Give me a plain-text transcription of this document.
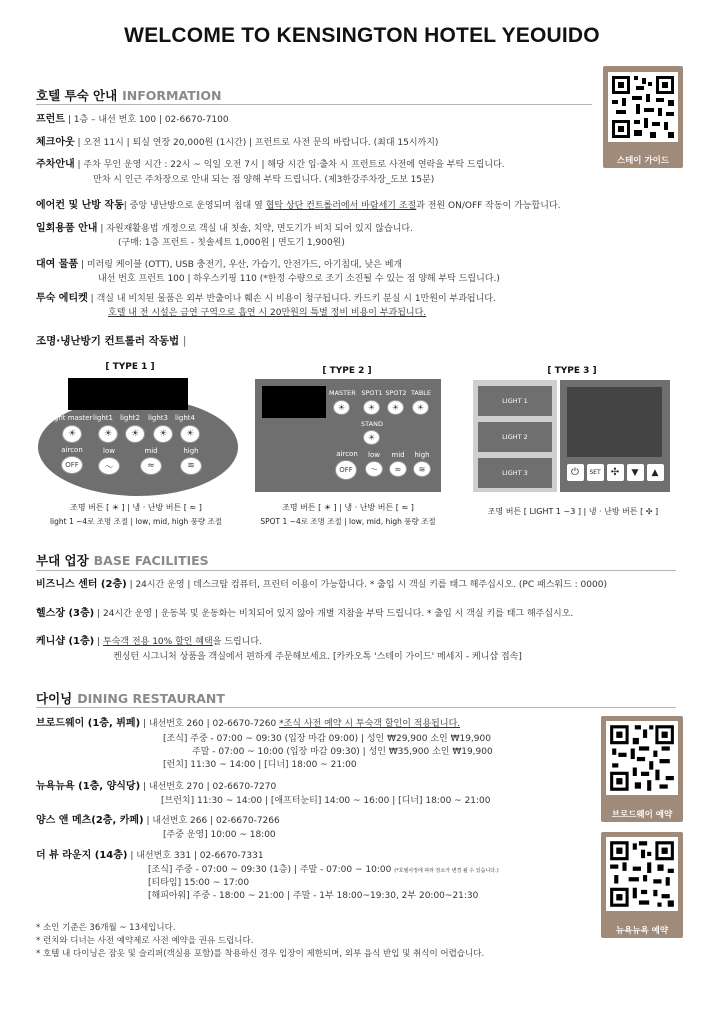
WELCOME TO KENSINGTON HOTEL YEOUIDO
호텔 투숙 안내 INFORMATION
프런트 | 1층 – 내선 번호 100 | 02-6670-7100
체크아웃 | 오전 11시 | 퇴실 연장 20,000원 (1시간) | 프런트로 사전 문의 바랍니다. (최대 15시까지)
주차안내 | 주차 무인 운영 시간 : 22시 ~ 익일 오전 7시 | 해당 시간 입·출차 시 프런트로 사전에 연락을 부탁 드립니다.
만차 시 인근 주차장으로 안내 되는 점 양해 부탁 드립니다. (제3한강주차장_도보 15분)
에어컨 및 난방 작동| 중앙 냉난방으로 운영되며 침대 옆 협탁 상단 컨트롤러에서 바람세기 조절과 전원 ON/OFF 작동이 가능합니다.
일회용품 안내 | 자원재활용법 개정으로 객실 내 칫솔, 치약, 면도기가 비치 되어 있지 않습니다.
(구매: 1층 프런트 - 칫솔세트 1,000원 | 면도기 1,900원)
대여 물품 | 미러링 케이블 (OTT), USB 충전기, 우산, 가습기, 안전가드, 아기침대, 낮은 베개
내선 번호 프런트 100 | 하우스키핑 110 (*한정 수량으로 조기 소진될 수 있는 점 양해 부탁 드립니다.)
투숙 에티켓 | 객실 내 비치된 물품은 외부 반출이나 훼손 시 비용이 청구됩니다. 카드키 분실 시 1만원이 부과됩니다.
호텔 내 전 시설은 금연 구역으로 흡연 시 20만원의 특별 정비 비용이 부과됩니다.
스테이 가이드
조명·냉난방기 컨트롤러 작동법 |
[ TYPE 1 ]
light master
☀
light1
☀
light2
☀
light3
☀
light4
☀
aircon
OFF
low
～
mid
≈
high
≋
조명 버튼 [ ☀ ] | 냉 · 난방 버튼 [ ≈ ]
light 1 ~4로 조명 조절 | low, mid, high 풍량 조절
[ TYPE 2 ]
MASTER
☀
SPOT1
☀
SPOT2
☀
TABLE
☀
STAND
☀
aircon
OFF
low
～
mid
≈
high
≋
조명 버튼 [ ☀ ] | 냉 · 난방 버튼 [ ≈ ]
SPOT 1 ~4로 조명 조절 | low, mid, high 풍량 조절
[ TYPE 3 ]
LIGHT 1
LIGHT 2
LIGHT 3	⏻	SET	✣	▼	▲
조명 버튼 [ LIGHT 1 ~3 ] | 냉 · 난방 버튼 [ ✣ ]
부대 업장 BASE FACILITIES
비즈니스 센터 (2층) | 24시간 운영 | 데스크탑 컴퓨터, 프린터 이용이 가능합니다. * 출입 시 객실 키를 태그 해주십시오. (PC 패스워드 : 0000)
헬스장 (3층) | 24시간 운영 | 운동복 및 운동화는 비치되어 있지 않아 개별 지참을 부탁 드립니다. * 출입 시 객실 키를 태그 해주십시오.
케니샵 (1층) | 투숙객 전용 10% 할인 혜택을 드립니다.
켄싱턴 시그니처 상품을 객실에서 편하게 주문해보세요. [카카오톡 '스테이 가이드' 메세지 - 케니샵 접속]
다이닝 DINING RESTAURANT
브로드웨이 (1층, 뷔페) | 내선번호 260 | 02-6670-7260 *조식 사전 예약 시 투숙객 할인이 적용됩니다.
[조식] 주중 - 07:00 ~ 09:30 (입장 마감 09:00) | 성인 ₩29,900 소인 ₩19,900
주말 - 07:00 ~ 10:00 (입장 마감 09:30) | 성인 ₩35,900 소인 ₩19,900
[런치] 11:30 ~ 14:00 | [디너] 18:00 ~ 21:00
뉴욕뉴욕 (1층, 양식당) | 내선번호 270 | 02-6670-7270
[브런치] 11:30 ~ 14:00 | [애프터눈티] 14:00 ~ 16:00 | [디너] 18:00 ~ 21:00
양스 앤 메츠(2층, 카페) | 내선번호 266 | 02-6670-7266
[주중 운영] 10:00 ~ 18:00
더 뷰 라운지 (14층) | 내선번호 331 | 02-6670-7331
[조식] 주중 - 07:00 ~ 09:30 (1층) | 주말 - 07:00 ~ 10:00 (*호텔사정에 따라 장소가 변경 될 수 있습니다.)
[티타임] 15:00 ~ 17:00
[해피아워] 주중 - 18:00 ~ 21:00 | 주말 - 1부 18:00~19:30, 2부 20:00~21:30
브로드웨이 예약
뉴욕뉴욕 예약
* 소인 기준은 36개월 ~ 13세입니다.
* 런치와 디너는 사전 예약제로 사전 예약을 권유 드립니다.
* 호텔 내 다이닝은 잠옷 및 슬리퍼(객실용 포함)를 착용하신 경우 입장이 제한되며, 외부 음식 반입 및 취식이 어렵습니다.
